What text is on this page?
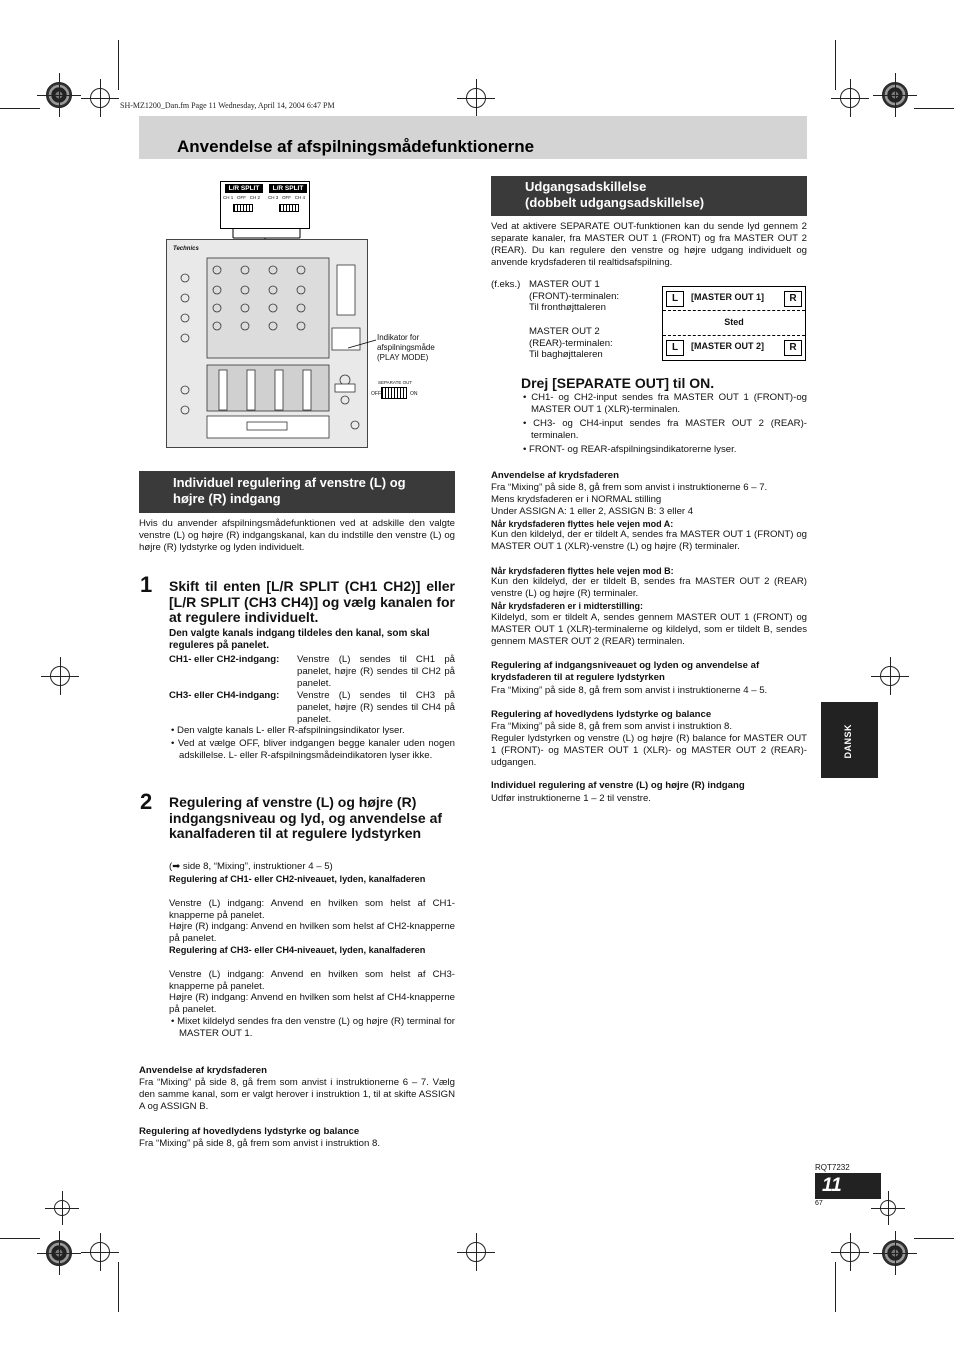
SH-MZ1200_Dan.fm Page 11 Wednesday, April 14, 2004 6:47 PM
Anvendelse af afspilningsmådefunktionerne
L/R SPLIT	L/R SPLIT
CH 1   OFF   CH 2 CH 3   OFF   CH 4
Technics
Indikator for afspilningsmåde (PLAY MODE)
SEPARATE OUT
OFF	ON
Individuel regulering af venstre (L) og
højre (R) indgang
Hvis du anvender afspilningsmådefunktionen ved at adskille den valgte venstre (L) og højre (R) indgangskanal, kan du indstille den venstre (L) og højre (R) lydstyrke og lyden individuelt.
1 Skift til enten [L/R SPLIT (CH1 CH2)] eller [L/R SPLIT (CH3 CH4)] og vælg kanalen for at regulere individuelt.
Den valgte kanals indgang tildeles den kanal, som skal reguleres på panelet.
CH1- eller CH2-indgang:	Venstre (L) sendes til CH1 på panelet, højre (R) sendes til CH2 på panelet.
CH3- eller CH4-indgang:	Venstre (L) sendes til CH3 på panelet, højre (R) sendes til CH4 på panelet.
• Den valgte kanals L- eller R-afspilningsindikator lyser.
• Ved at vælge OFF, bliver indgangen begge kanaler uden nogen adskillelse. L- eller R-afspilningsmådeindikatoren lyser ikke.
2 Regulering af venstre (L) og højre (R) indgangsniveau og lyd, og anvendelse af kanalfaderen til at regulere lydstyrken
(➡ side 8, “Mixing”, instruktioner 4 – 5)
Regulering af CH1- eller CH2-niveauet, lyden, kanalfaderen
Venstre (L) indgang: Anvend en hvilken som helst af CH1-knapperne på panelet.
Højre (R) indgang: Anvend en hvilken som helst af CH2-knapperne på panelet.
Regulering af CH3- eller CH4-niveauet, lyden, kanalfaderen
Venstre (L) indgang: Anvend en hvilken som helst af CH3-knapperne på panelet.
Højre (R) indgang: Anvend en hvilken som helst af CH4-knapperne på panelet.
• Mixet kildelyd sendes fra den venstre (L) og højre (R) terminal for MASTER OUT 1.
Anvendelse af krydsfaderen
Fra “Mixing” på side 8, gå frem som anvist i instruktionerne 6 – 7. Vælg den samme kanal, som er valgt herover i instruktion 1, til at skifte ASSIGN A og ASSIGN B.
Regulering af hovedlydens lydstyrke og balance
Fra “Mixing” på side 8, gå frem som anvist i instruktion 8.
Udgangsadskillelse
(dobbelt udgangsadskillelse)
Ved at aktivere SEPARATE OUT-funktionen kan du sende lyd gennem 2 separate kanaler, fra MASTER OUT 1 (FRONT) og fra MASTER OUT 2 (REAR). Du kan regulere den venstre og højre udgang individuelt og anvende krydsfaderen til realtidsafspilning.
(f.eks.) MASTER OUT 1
(FRONT)-terminalen:
Til fronthøjttaleren
MASTER OUT 2
(REAR)-terminalen:
Til baghøjttaleren
L	[MASTER OUT 1]	R
Sted
L	[MASTER OUT 2]	R
Drej [SEPARATE OUT] til ON.
• CH1- og CH2-input sendes fra MASTER OUT 1 (FRONT)-og MASTER OUT 1 (XLR)-terminalen.
• CH3- og CH4-input sendes fra MASTER OUT 2 (REAR)-terminalen.
• FRONT- og REAR-afspilningsindikatorerne lyser.
Anvendelse af krydsfaderen
Fra “Mixing” på side 8, gå frem som anvist i instruktionerne 6 – 7.
Mens krydsfaderen er i NORMAL stilling
Under ASSIGN A: 1 eller 2, ASSIGN B: 3 eller 4
Når krydsfaderen flyttes hele vejen mod A:
Kun den kildelyd, der er tildelt A, sendes fra MASTER OUT 1 (FRONT) og MASTER OUT 1 (XLR)-venstre (L) og højre (R) terminaler.
Når krydsfaderen flyttes hele vejen mod B:
Kun den kildelyd, der er tildelt B, sendes fra MASTER OUT 2 (REAR) venstre (L) og højre (R) terminaler.
Når krydsfaderen er i midterstilling:
Kildelyd, som er tildelt A, sendes gennem MASTER OUT 1 (FRONT) og MASTER OUT 1 (XLR)-terminalerne og kildelyd, som er tildelt B, sendes gennem MASTER OUT 2 (REAR) terminalen.
Regulering af indgangsniveauet og lyden og anvendelse af krydsfaderen til at regulere lydstyrken
Fra “Mixing” på side 8, gå frem som anvist i instruktionerne 4 – 5.
Regulering af hovedlydens lydstyrke og balance
Fra “Mixing” på side 8, gå frem som anvist i instruktion 8.
Reguler lydstyrken og venstre (L) og højre (R) balance for MASTER OUT 1 (FRONT)- og MASTER OUT 1 (XLR)- og MASTER OUT 2 (REAR)-udgangen.
Individuel regulering af venstre (L) og højre (R) indgang
Udfør instruktionerne 1 – 2 til venstre.
DANSK
RQT7232
11
67
